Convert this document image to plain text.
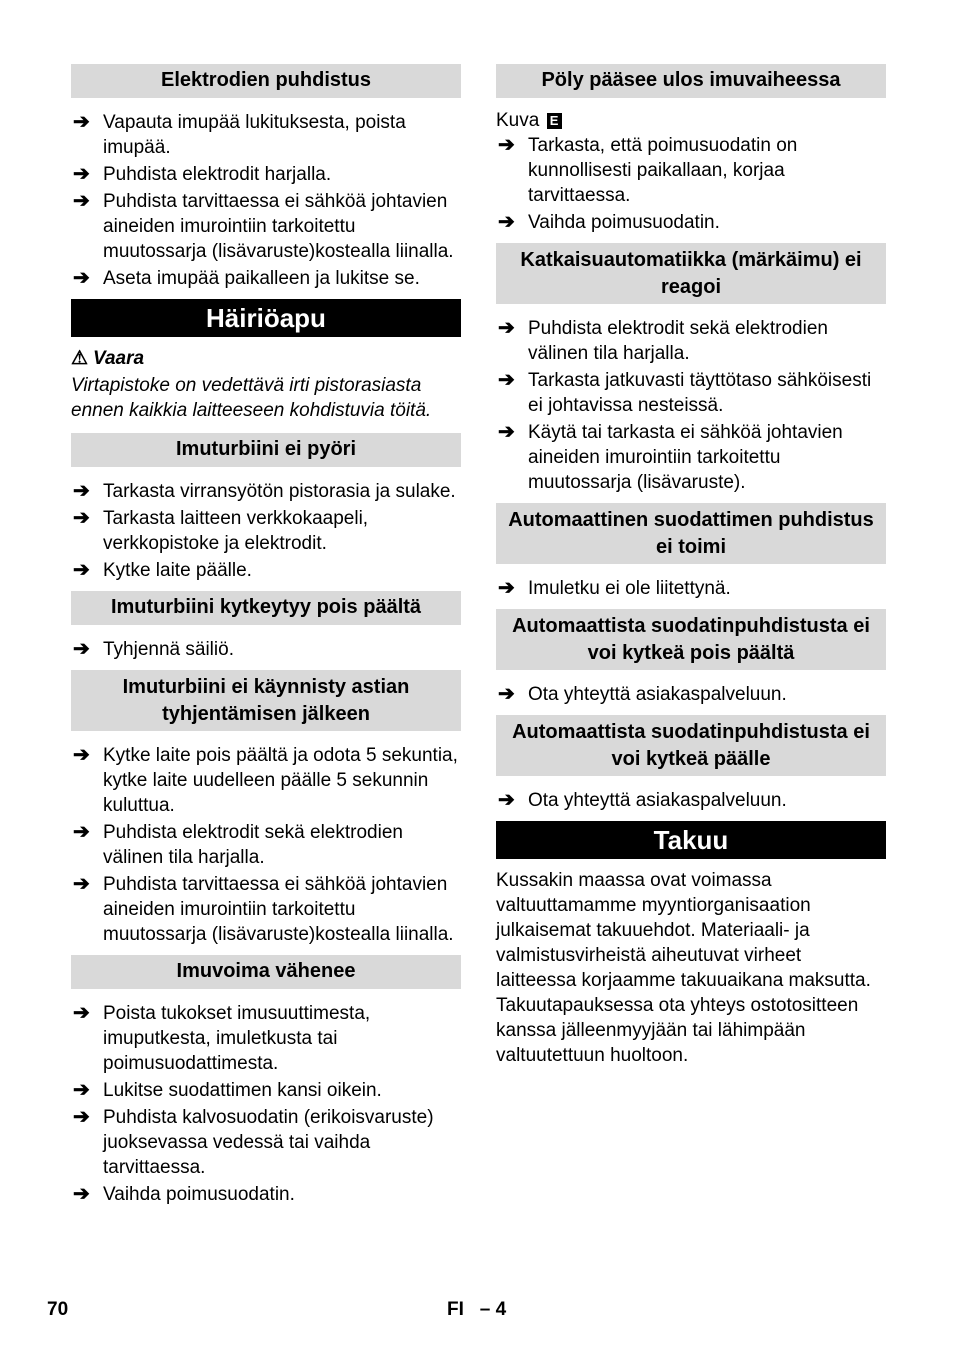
Elektrodien puhdistus
➔ Vapauta imupää lukituksesta, poista imupää.
➔ Puhdista elektrodit harjalla.
➔ Puhdista tarvittaessa ei sähköä johtavien aineiden imurointiin tarkoitettu muutossarja (lisävaruste)kostealla liinalla.
➔ Aseta imupää paikalleen ja lukitse se.
Häiriöapu
⚠ Vaara
Virtapistoke on vedettävä irti pistorasiasta ennen kaikkia laitteeseen kohdistuvia töitä.
Imuturbiini ei pyöri
➔ Tarkasta virransyötön pistorasia ja sulake.
➔ Tarkasta laitteen verkkokaapeli, verkkopistoke ja elektrodit.
➔ Kytke laite päälle.
Imuturbiini kytkeytyy pois päältä
➔ Tyhjennä säiliö.
Imuturbiini ei käynnisty astian tyhjentämisen jälkeen
➔ Kytke laite pois päältä ja odota 5 sekuntia, kytke laite uudelleen päälle 5 sekunnin kuluttua.
➔ Puhdista elektrodit sekä elektrodien välinen tila harjalla.
➔ Puhdista tarvittaessa ei sähköä johtavien aineiden imurointiin tarkoitettu muutossarja (lisävaruste)kostealla liinalla.
Imuvoima vähenee
➔ Poista tukokset imusuuttimesta, imuputkesta, imuletkusta tai poimusuodattimesta.
➔ Lukitse suodattimen kansi oikein.
➔ Puhdista kalvosuodatin (erikoisvaruste) juoksevassa vedessä tai vaihda tarvittaessa.
➔ Vaihda poimusuodatin.
Pöly pääsee ulos imuvaiheessa
Kuva E
➔ Tarkasta, että poimusuodatin on kunnollisesti paikallaan, korjaa tarvittaessa.
➔ Vaihda poimusuodatin.
Katkaisuautomatiikka (märkäimu) ei reagoi
➔ Puhdista elektrodit sekä elektrodien välinen tila harjalla.
➔ Tarkasta jatkuvasti täyttötaso sähköisesti ei johtavissa nesteissä.
➔ Käytä tai tarkasta ei sähköä johtavien aineiden imurointiin tarkoitettu muutossarja (lisävaruste).
Automaattinen suodattimen puhdistus ei toimi
➔ Imuletku ei ole liitettynä.
Automaattista suodatinpuhdistusta ei voi kytkeä pois päältä
➔ Ota yhteyttä asiakaspalveluun.
Automaattista suodatinpuhdistusta ei voi kytkeä päälle
➔ Ota yhteyttä asiakaspalveluun.
Takuu

Kussakin maassa ovat voimassa valtuuttamamme myyntiorganisaation julkaisemat takuuehdot. Materiaali- ja valmistusvirheistä aiheutuvat virheet laitteessa korjaamme takuuaikana maksutta. Takuutapauksessa ota yhteys ostotositteen kanssa jälleenmyyjään tai lähimpään valtuutettuun huoltoon.

70	FI   – 4
